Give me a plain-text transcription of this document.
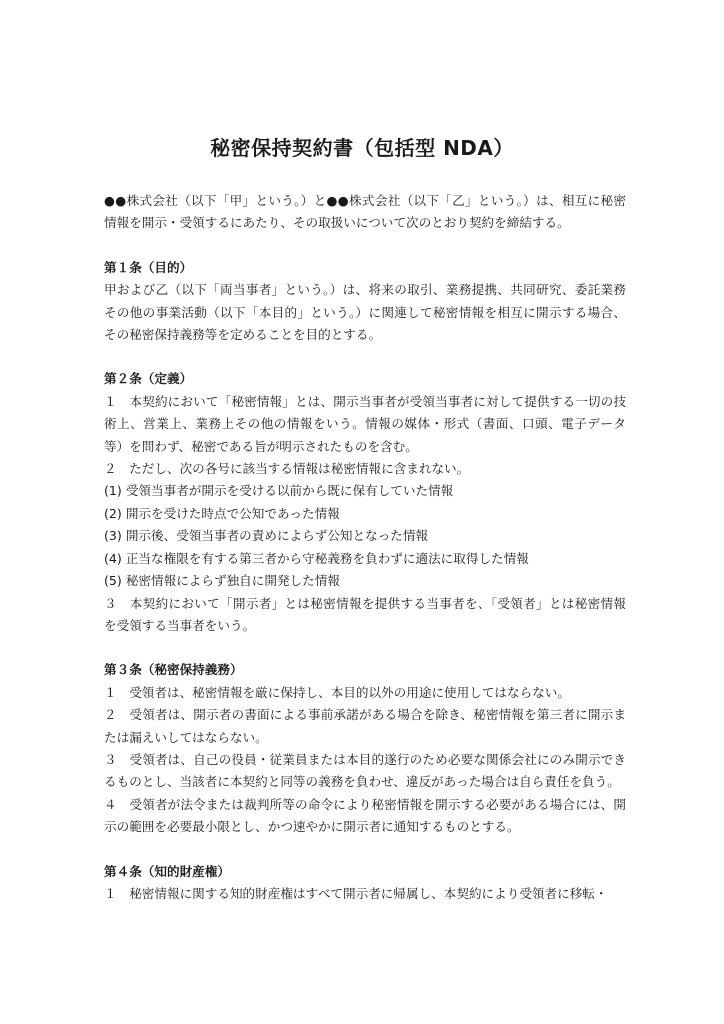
秘密保持契約書（包括型 NDA）

●●株式会社（以下「甲」という。）と●●株式会社（以下「乙」という。）は、相互に秘密情報を開示・受領するにあたり、その取扱いについて次のとおり契約を締結する。

第１条（目的）

甲および乙（以下「両当事者」という。）は、将来の取引、業務提携、共同研究、委託業務その他の事業活動（以下「本目的」という。）に関連して秘密情報を相互に開示する場合、その秘密保持義務等を定めることを目的とする。

第２条（定義）

１　本契約において「秘密情報」とは、開示当事者が受領当事者に対して提供する一切の技術上、営業上、業務上その他の情報をいう。情報の媒体・形式（書面、口頭、電子データ等）を問わず、秘密である旨が明示されたものを含む。

２　ただし、次の各号に該当する情報は秘密情報に含まれない。

(1) 受領当事者が開示を受ける以前から既に保有していた情報

(2) 開示を受けた時点で公知であった情報

(3) 開示後、受領当事者の責めによらず公知となった情報

(4) 正当な権限を有する第三者から守秘義務を負わずに適法に取得した情報

(5) 秘密情報によらず独自に開発した情報

３　本契約において「開示者」とは秘密情報を提供する当事者を、「受領者」とは秘密情報を受領する当事者をいう。

第３条（秘密保持義務）

１　受領者は、秘密情報を厳に保持し、本目的以外の用途に使用してはならない。

２　受領者は、開示者の書面による事前承諾がある場合を除き、秘密情報を第三者に開示または漏えいしてはならない。

３　受領者は、自己の役員・従業員または本目的遂行のため必要な関係会社にのみ開示できるものとし、当該者に本契約と同等の義務を負わせ、違反があった場合は自ら責任を負う。

４　受領者が法令または裁判所等の命令により秘密情報を開示する必要がある場合には、開示の範囲を必要最小限とし、かつ速やかに開示者に通知するものとする。

第４条（知的財産権）

１　秘密情報に関する知的財産権はすべて開示者に帰属し、本契約により受領者に移転・
